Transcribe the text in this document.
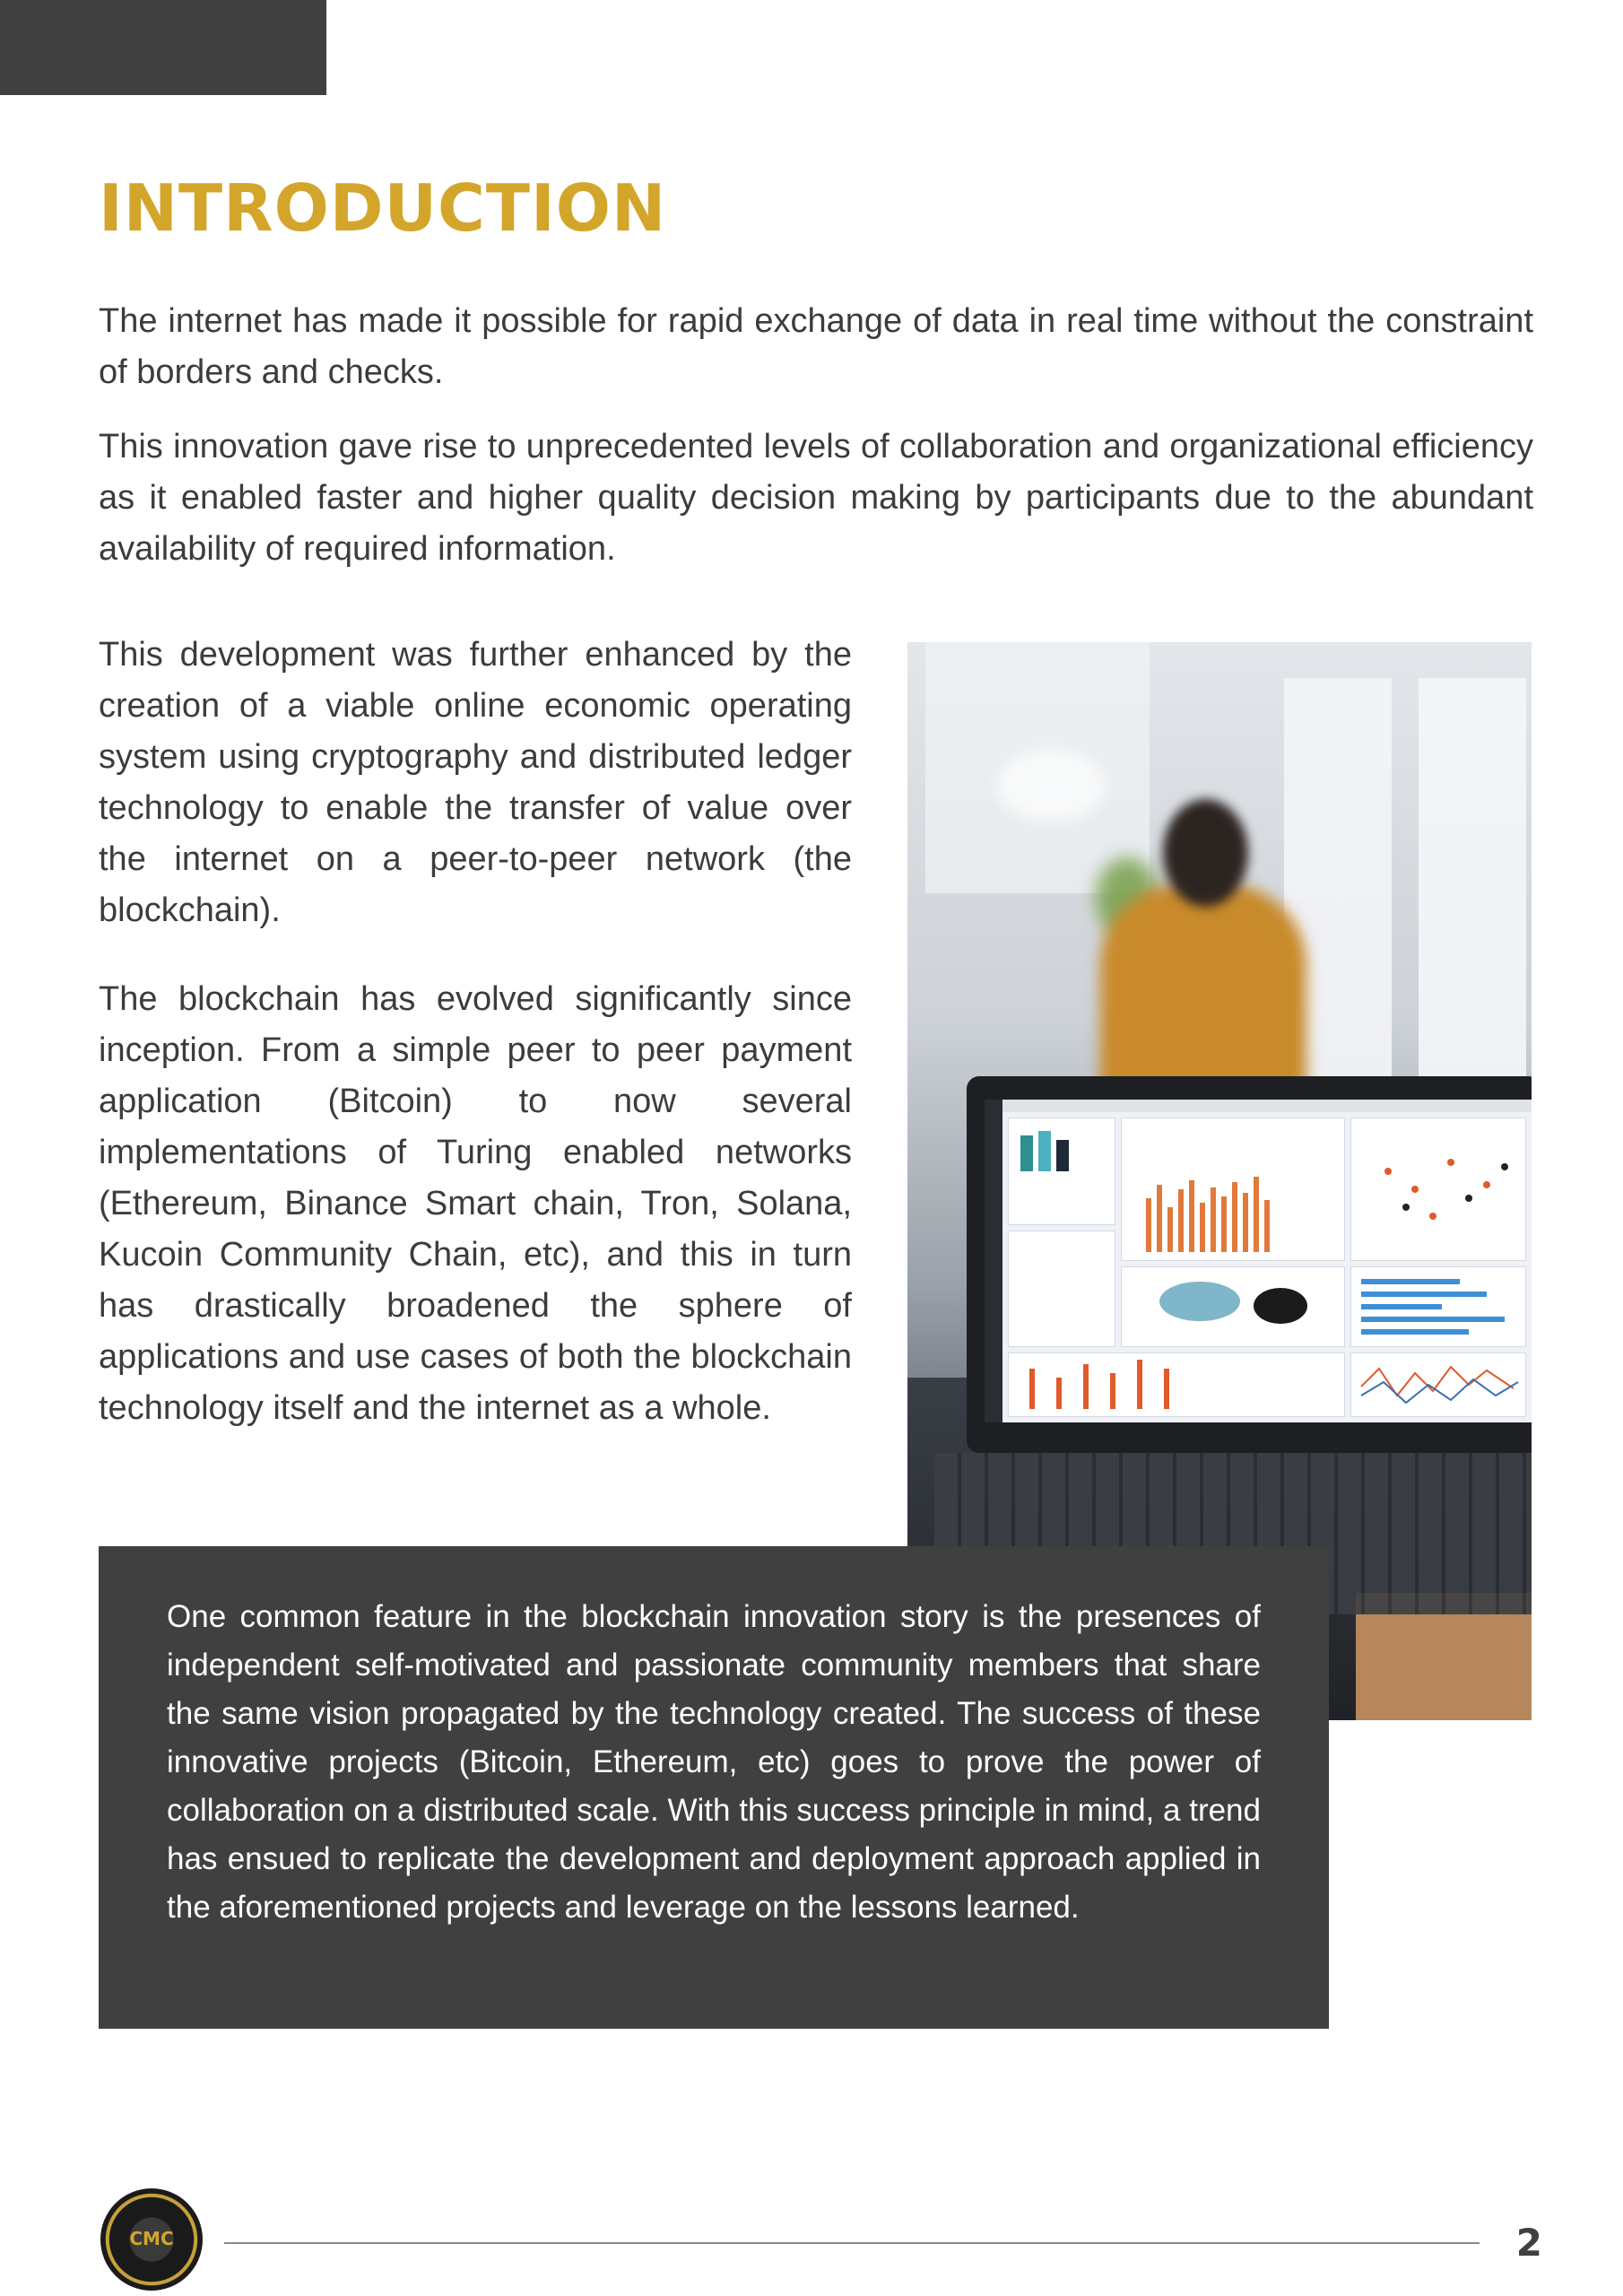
INTRODUCTION

The internet has made it possible for rapid exchange of data in real time without the constraint of borders and checks.

This innovation gave rise to unprecedented levels of collaboration and organizational efficiency as it enabled faster and higher quality decision making by participants due to the abundant availability of required information.

This development was further enhanced by the creation of a viable online economic operating system using cryptography and distributed ledger technology to enable the transfer of value over the internet on a peer-to-peer network (the blockchain).

The blockchain has evolved significantly since inception. From a simple peer to peer payment application (Bitcoin) to now several implementations of Turing enabled networks (Ethereum, Binance Smart chain, Tron, Solana, Kucoin Community Chain, etc), and this in turn has drastically broadened the sphere of applications and use cases of both the blockchain technology itself and the internet as a whole.

One common feature in the blockchain innovation story is the presences of independent self-motivated and passionate community members that share the same vision propagated by the technology created. The success of these innovative projects (Bitcoin, Ethereum, etc) goes to prove the power of collaboration on a distributed scale. With this success principle in mind, a trend has ensued to replicate the development and deployment approach applied in the aforementioned projects and leverage on the lessons learned.

CMC	2
